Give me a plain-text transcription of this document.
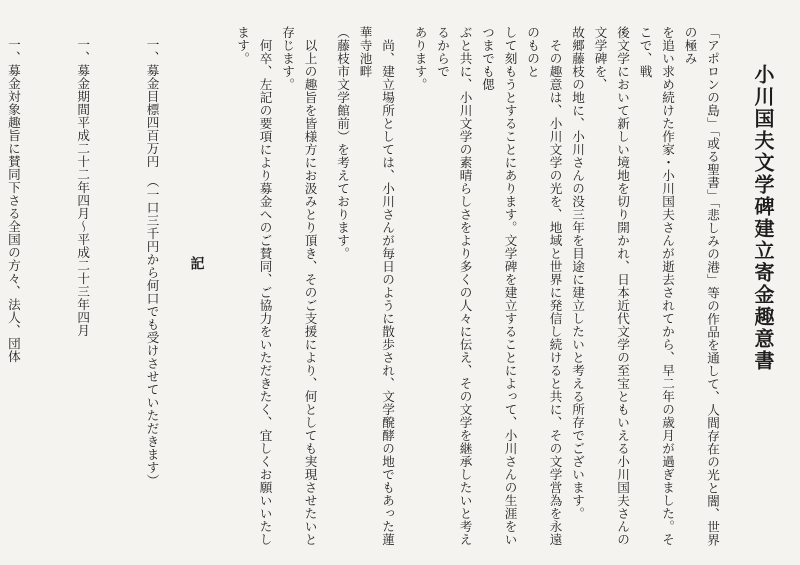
小川国夫文学碑建立寄金趣意書

「アポロンの島」「或る聖書」「悲しみの港」等の作品を通して、人間存在の光と闇、世界の極み

を追い求め続けた作家・小川国夫さんが逝去されてから、早二年の歳月が過ぎました。そこで、戦

後文学において新しい境地を切り開かれ、日本近代文学の至宝ともいえる小川国夫さんの文学碑を、

故郷藤枝の地に、小川さんの没三年を目途に建立したいと考える所存でございます。

その趣意は、小川文学の光を、地域と世界に発信し続けると共に、その文学営為を永遠のものと

して刻もうとすることにあります。文学碑を建立することによって、小川さんの生涯をいつまでも偲

ぶと共に、小川文学の素晴らしさをより多くの人々に伝え、その文学を継承したいと考えるからで

あります。

尚、建立場所としては、小川さんが毎日のように散歩され、文学醗酵の地でもあった蓮華寺池畔

（藤枝市文学館前）を考えております。

以上の趣旨を皆様方にお汲みとり頂き、そのご支援により、何としても実現させたいと存じます。

何卒、左記の要項により募金へのご賛同、ご協力をいただきたく、宜しくお願いいたします。

記

一、募金目標四百万円　（一口三千円から何口でも受けさせていただきます）

一、募金期間平成二十二年四月〜平成二十三年四月

一、募金対象趣旨に賛同下さる全国の方々、法人、団体
